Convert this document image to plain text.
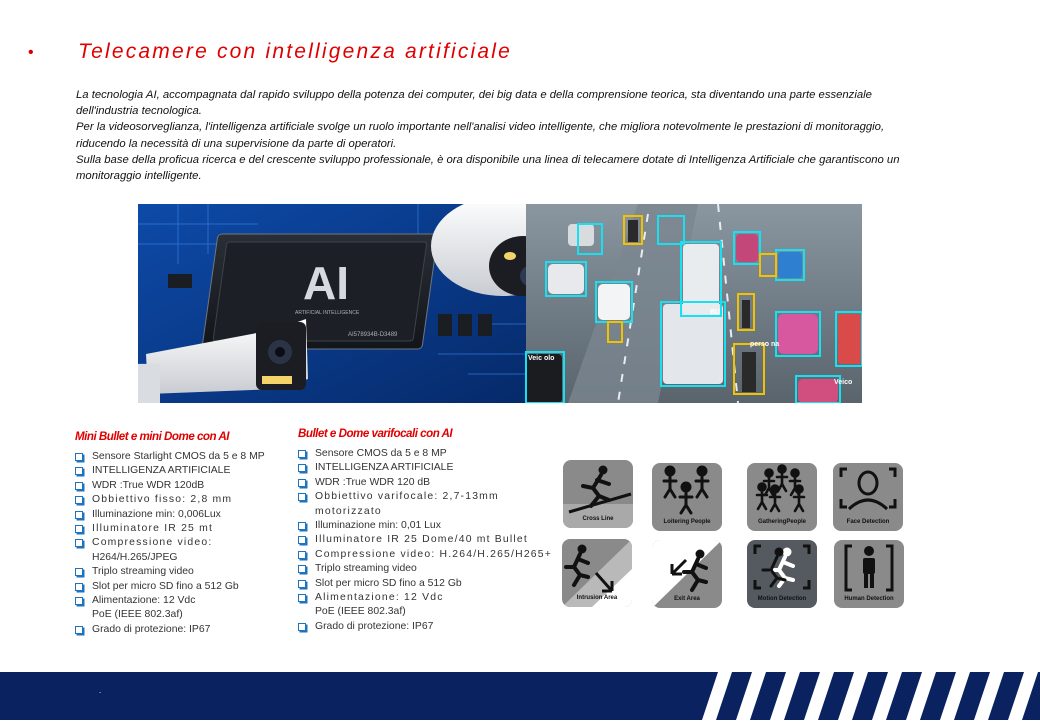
• Telecamere con intelligenza artificiale

La tecnologia AI, accompagnata dal rapido sviluppo della potenza dei computer, dei big data e della comprensione teorica, sta diventando una parte essenziale dell'industria tecnologica.

Per la videosorveglianza, l'intelligenza artificiale svolge un ruolo importante nell'analisi video intelligente, che migliora notevolmente le prestazioni di monitoraggio, riducendo la necessità di una supervisione da parte di operatori.

Sulla base della proficua ricerca e del crescente sviluppo professionale, è ora disponibile una linea di telecamere dotate di Intelligenza Artificiale che garantiscono un monitoraggio intelligente.

AI
ARTIFICIAL INTELLIGENCE
AI578934B-D3489
Veic olo
BU
perso na
Veico
Mini Bullet e mini Dome con AI
Sensore Starlight CMOS da 5 e 8 MP
INTELLIGENZA ARTIFICIALE
WDR :True WDR 120dB
Obbiettivo fisso: 2,8 mm
Illuminazione min: 0,006Lux
Illuminatore IR 25 mt
Compressione video:
H264/H.265/JPEG
Triplo streaming video
Slot per micro SD fino a 512 Gb
Alimentazione: 12 Vdc
PoE (IEEE 802.3af)
Grado di protezione: IP67
Bullet e Dome varifocali con AI
Sensore CMOS da 5 e 8 MP
INTELLIGENZA ARTIFICIALE
WDR :True WDR 120 dB
Obbiettivo varifocale: 2,7-13mm
motorizzato
Illuminazione min: 0,01 Lux
Illuminatore IR 25 Dome/40 mt Bullet
Compressione video: H.264/H.265/H265+
Triplo streaming video
Slot per micro SD fino a 512 Gb
Alimentazione: 12 Vdc
PoE (IEEE 802.3af)
Grado di protezione: IP67
Cross Line	Loitering People	GatheringPeople	Face Detection
Intrusion Area	Exit Area	Motion Detection	Human Detection
.
